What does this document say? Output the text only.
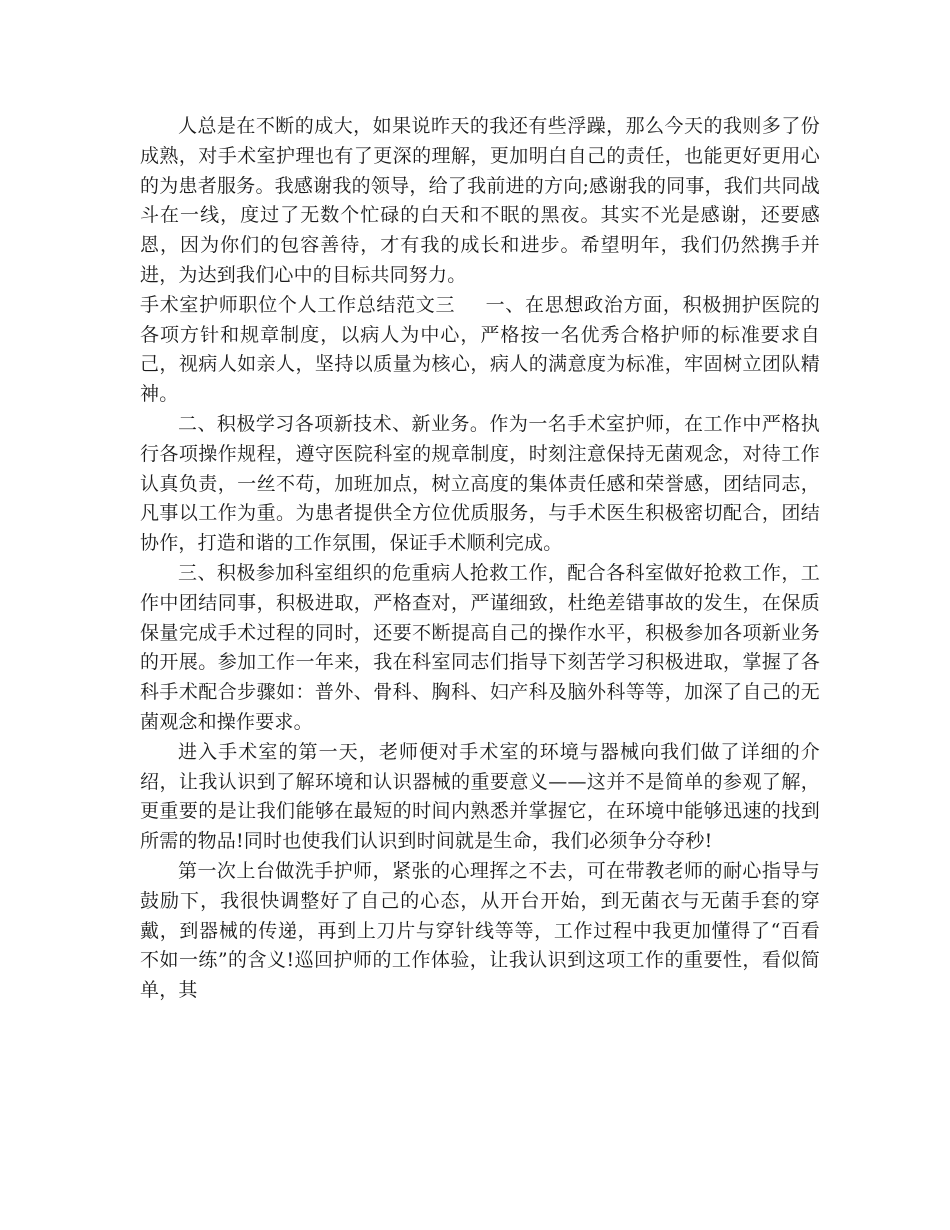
人总是在不断的成大，如果说昨天的我还有些浮躁，那么今天的我则多了份成熟，对手术室护理也有了更深的理解，更加明白自己的责任，也能更好更用心的为患者服务。我感谢我的领导，给了我前进的方向;感谢我的同事，我们共同战斗在一线，度过了无数个忙碌的白天和不眠的黑夜。其实不光是感谢，还要感恩，因为你们的包容善待，才有我的成长和进步。希望明年，我们仍然携手并进，为达到我们心中的目标共同努力。

手术室护师职位个人工作总结范文三 一、在思想政治方面，积极拥护医院的各项方针和规章制度，以病人为中心，严格按一名优秀合格护师的标准要求自己，视病人如亲人，坚持以质量为核心，病人的满意度为标准，牢固树立团队精神。

二、积极学习各项新技术、新业务。作为一名手术室护师，在工作中严格执行各项操作规程，遵守医院科室的规章制度，时刻注意保持无菌观念，对待工作认真负责，一丝不苟，加班加点，树立高度的集体责任感和荣誉感，团结同志，凡事以工作为重。为患者提供全方位优质服务，与手术医生积极密切配合，团结协作，打造和谐的工作氛围，保证手术顺利完成。

三、积极参加科室组织的危重病人抢救工作，配合各科室做好抢救工作，工作中团结同事，积极进取，严格查对，严谨细致，杜绝差错事故的发生，在保质保量完成手术过程的同时，还要不断提高自己的操作水平，积极参加各项新业务的开展。参加工作一年来，我在科室同志们指导下刻苦学习积极进取，掌握了各科手术配合步骤如：普外、骨科、胸科、妇产科及脑外科等等，加深了自己的无菌观念和操作要求。

进入手术室的第一天，老师便对手术室的环境与器械向我们做了详细的介绍，让我认识到了解环境和认识器械的重要意义——这并不是简单的参观了解，更重要的是让我们能够在最短的时间内熟悉并掌握它，在环境中能够迅速的找到所需的物品!同时也使我们认识到时间就是生命，我们必须争分夺秒!

第一次上台做洗手护师，紧张的心理挥之不去，可在带教老师的耐心指导与鼓励下，我很快调整好了自己的心态，从开台开始，到无菌衣与无菌手套的穿戴，到器械的传递，再到上刀片与穿针线等等，工作过程中我更加懂得了“百看不如一练”的含义!巡回护师的工作体验，让我认识到这项工作的重要性，看似简单，其
